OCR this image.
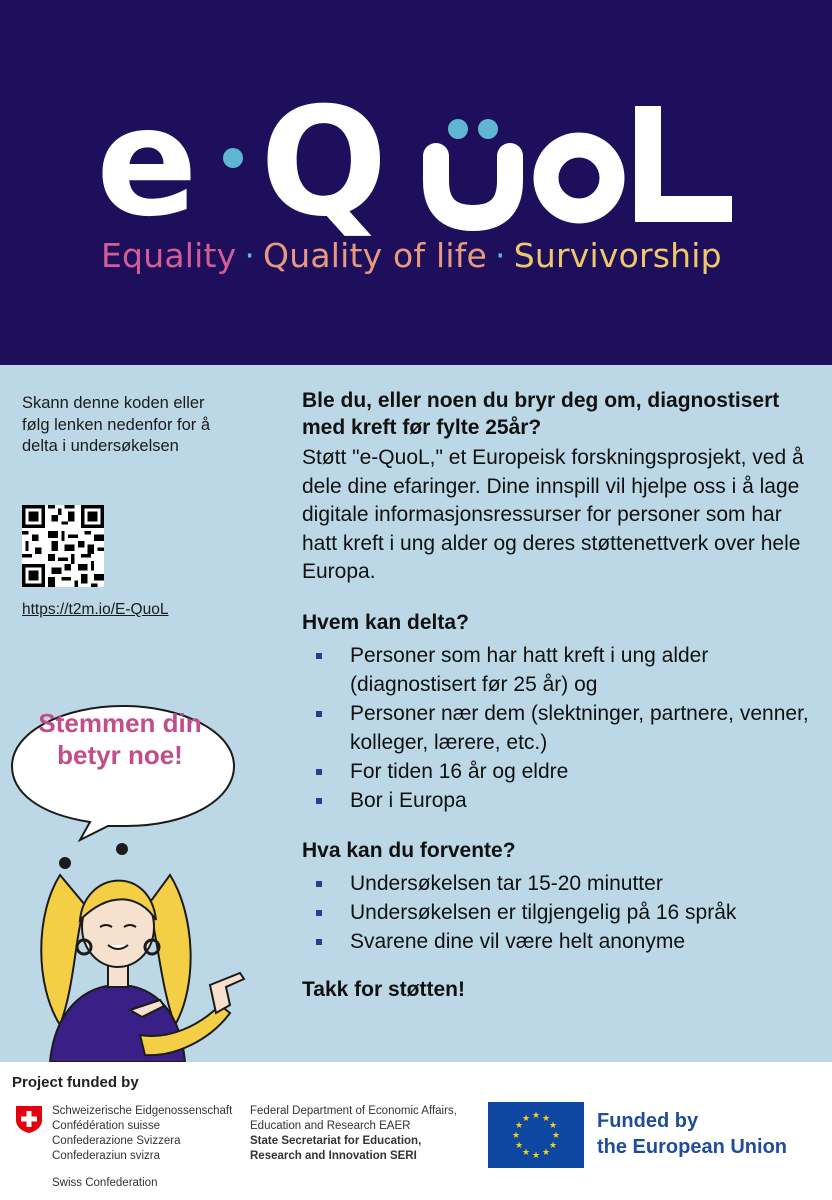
e Q
Equality · Quality of life · Survivorship
Skann denne koden eller følg lenken nedenfor for å delta i undersøkelsen
https://t2m.io/E-QuoL
Stemmen din betyr noe!
Ble du, eller noen du bryr deg om, diagnostisert med kreft før fylte 25år?
Støtt "e-QuoL," et Europeisk forskningsprosjekt, ved å dele dine efaringer. Dine innspill vil hjelpe oss i å lage digitale informasjonsressurser for personer som har hatt kreft i ung alder og deres støttenettverk over hele Europa.
Hvem kan delta?
Personer som har hatt kreft i ung alder (diagnostisert før 25 år) og
Personer nær dem (slektninger, partnere, venner, kolleger, lærere, etc.)
For tiden 16 år og eldre
Bor i Europa
Hva kan du forvente?
Undersøkelsen tar 15-20 minutter
Undersøkelsen er tilgjengelig på 16 språk
Svarene dine vil være helt anonyme
Takk for støtten!
Project funded by
Schweizerische Eidgenossenschaft
Confédération suisse
Confederazione Svizzera
Confederaziun svizra
Swiss Confederation
Federal Department of Economic Affairs,
Education and Research EAER
State Secretariat for Education,
Research and Innovation SERI
★ ★
★
★
★
★
★
★
★
★
★
★	Funded by
the European Union
